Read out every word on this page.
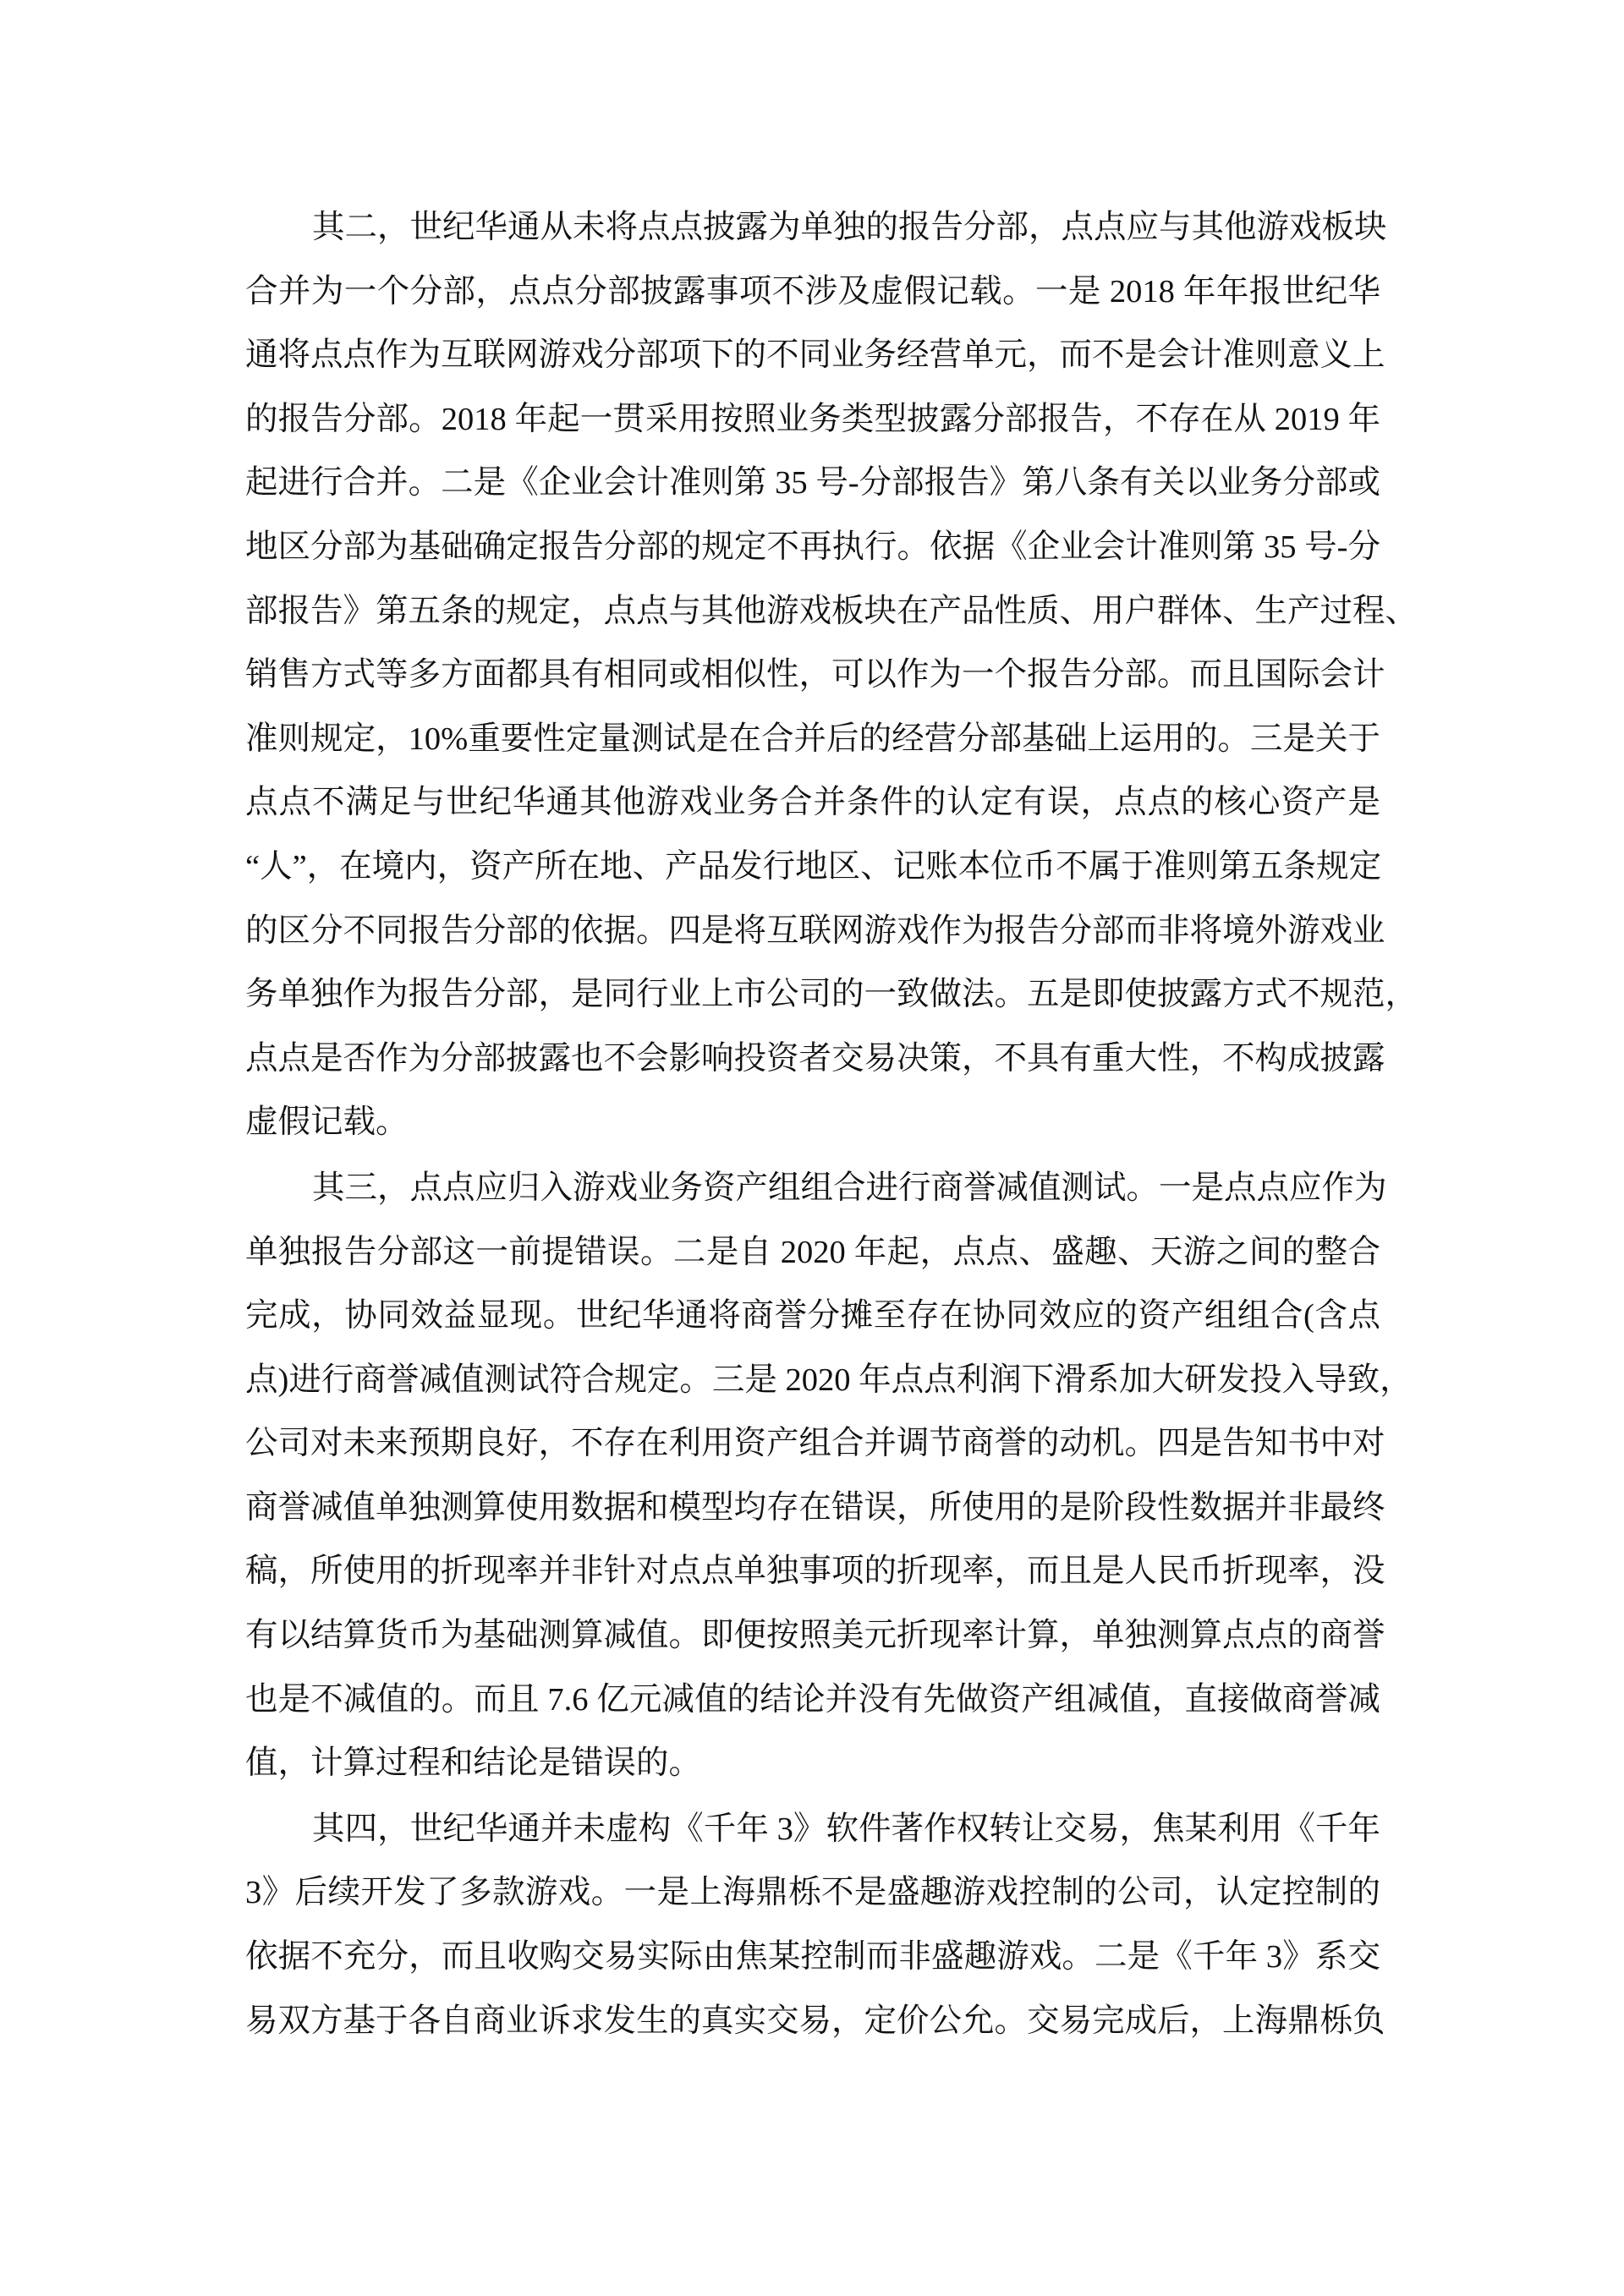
其二，世纪华通从未将点点披露为单独的报告分部，点点应与其他游戏板块
合并为一个分部，点点分部披露事项不涉及虚假记载。一是 2018 年年报世纪华
通将点点作为互联网游戏分部项下的不同业务经营单元，而不是会计准则意义上
的报告分部。2018 年起一贯采用按照业务类型披露分部报告，不存在从 2019 年
起进行合并。二是《企业会计准则第 35 号-分部报告》第八条有关以业务分部或
地区分部为基础确定报告分部的规定不再执行。依据《企业会计准则第 35 号-分
部报告》第五条的规定，点点与其他游戏板块在产品性质、用户群体、生产过程、
销售方式等多方面都具有相同或相似性，可以作为一个报告分部。而且国际会计
准则规定，10%重要性定量测试是在合并后的经营分部基础上运用的。三是关于
点点不满足与世纪华通其他游戏业务合并条件的认定有误，点点的核心资产是
“人”，在境内，资产所在地、产品发行地区、记账本位币不属于准则第五条规定
的区分不同报告分部的依据。四是将互联网游戏作为报告分部而非将境外游戏业
务单独作为报告分部，是同行业上市公司的一致做法。五是即使披露方式不规范，
点点是否作为分部披露也不会影响投资者交易决策，不具有重大性，不构成披露
虚假记载。
其三，点点应归入游戏业务资产组组合进行商誉减值测试。一是点点应作为
单独报告分部这一前提错误。二是自 2020 年起，点点、盛趣、天游之间的整合
完成，协同效益显现。世纪华通将商誉分摊至存在协同效应的资产组组合(含点
点)进行商誉减值测试符合规定。三是 2020 年点点利润下滑系加大研发投入导致，
公司对未来预期良好，不存在利用资产组合并调节商誉的动机。四是告知书中对
商誉减值单独测算使用数据和模型均存在错误，所使用的是阶段性数据并非最终
稿，所使用的折现率并非针对点点单独事项的折现率，而且是人民币折现率，没
有以结算货币为基础测算减值。即便按照美元折现率计算，单独测算点点的商誉
也是不减值的。而且 7.6 亿元减值的结论并没有先做资产组减值，直接做商誉减
值，计算过程和结论是错误的。
其四，世纪华通并未虚构《千年 3》软件著作权转让交易，焦某利用《千年
3》后续开发了多款游戏。一是上海鼎栎不是盛趣游戏控制的公司，认定控制的
依据不充分，而且收购交易实际由焦某控制而非盛趣游戏。二是《千年 3》系交
易双方基于各自商业诉求发生的真实交易，定价公允。交易完成后，上海鼎栎负
